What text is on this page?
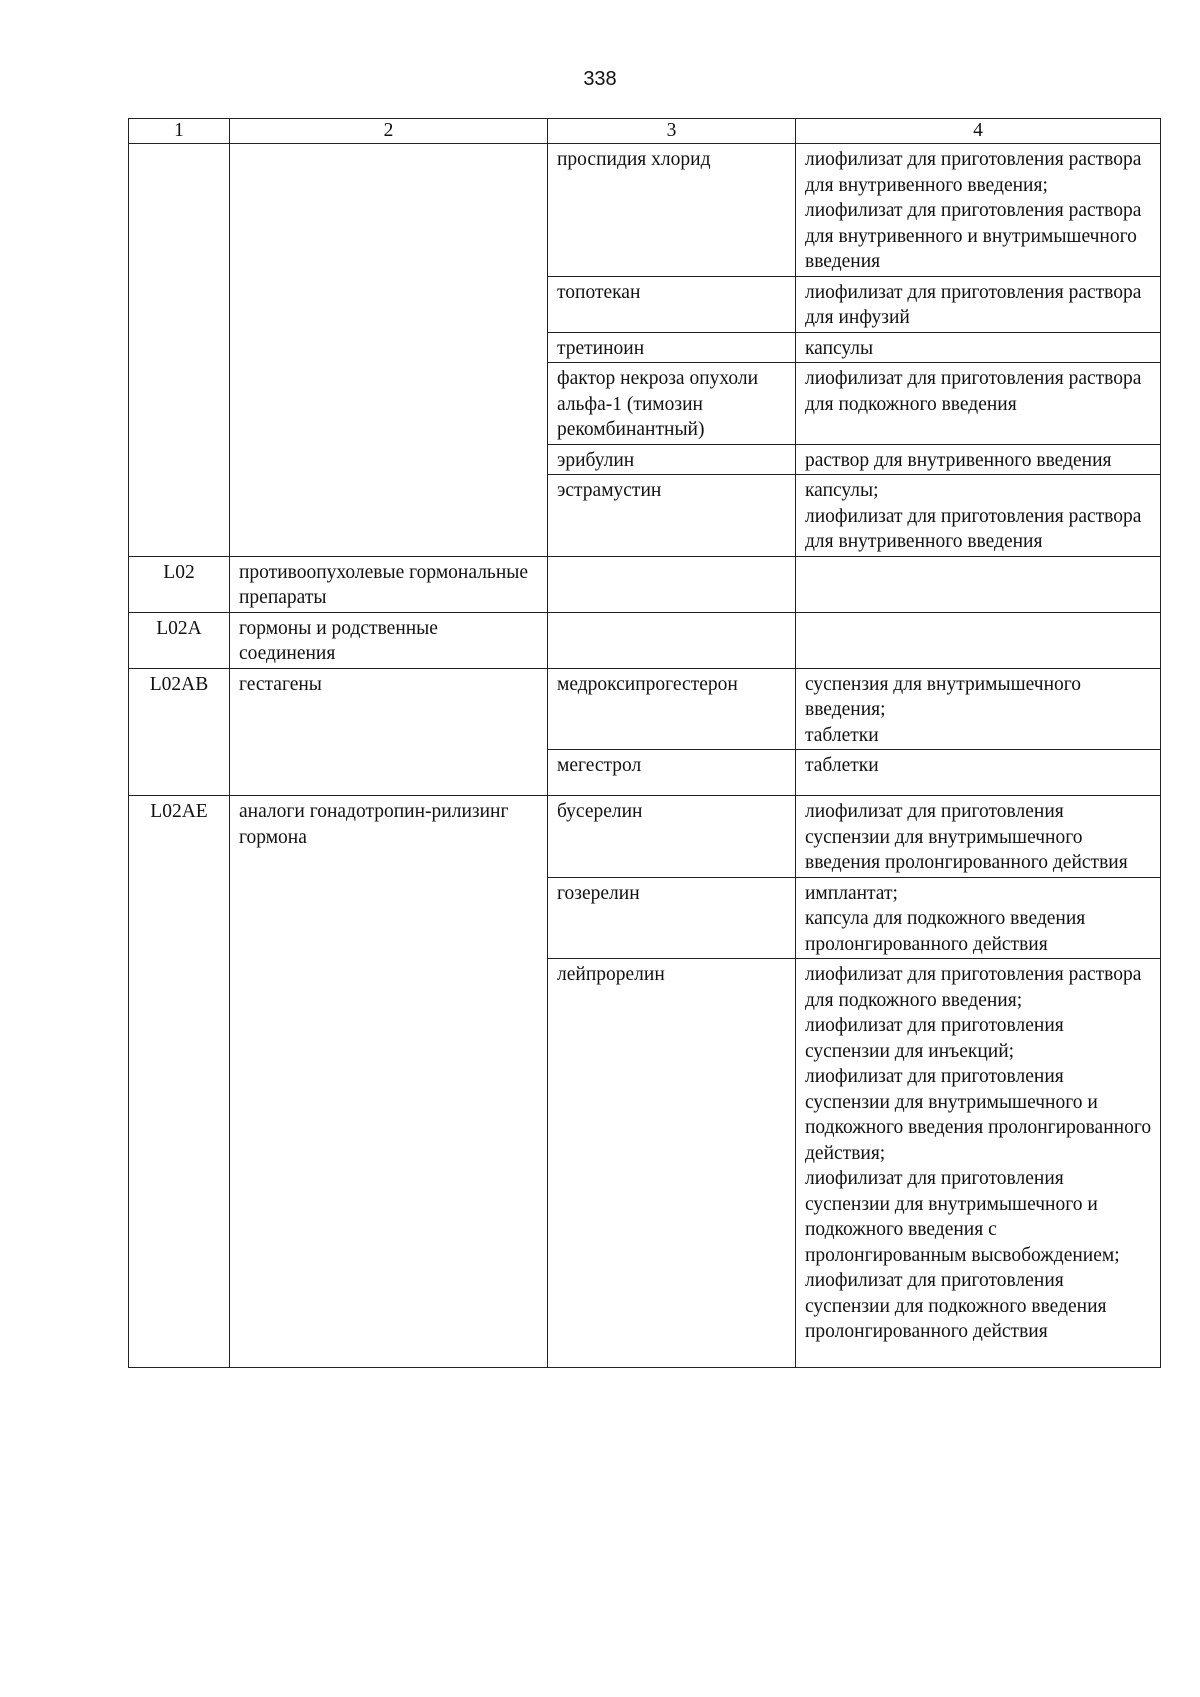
338
1	2	3	4
		проспидия хлорид	лиофилизат для приготовления раствора для внутривенного введения;
лиофилизат для приготовления раствора для внутривенного и внутримышечного введения

		топотекан	лиофилизат для приготовления раствора для инфузий

		третиноин	капсулы

		фактор некроза опухоли альфа-1 (тимозин рекомбинантный)	лиофилизат для приготовления раствора для подкожного введения

		эрибулин	раствор для внутривенного введения

		эстрамустин	капсулы;
лиофилизат для приготовления раствора для внутривенного введения

L02	противоопухолевые гормональные препараты		
L02A	гормоны и родственные соединения		
L02AB	гестагены	медроксипрогестерон	суспензия для внутримышечного введения;
таблетки

		мегестрол	таблетки

L02AE	аналоги гонадотропин-рилизинг гормона	бусерелин	лиофилизат для приготовления суспензии для внутримышечного введения пролонгированного действия

		гозерелин	имплантат;
капсула для подкожного введения пролонгированного действия

		лейпрорелин	лиофилизат для приготовления раствора для подкожного введения;
лиофилизат для приготовления суспензии для инъекций;
лиофилизат для приготовления суспензии для внутримышечного и подкожного введения пролонгированного действия;
лиофилизат для приготовления суспензии для внутримышечного и подкожного введения с пролонгированным высвобождением;
лиофилизат для приготовления суспензии для подкожного введения пролонгированного действия
